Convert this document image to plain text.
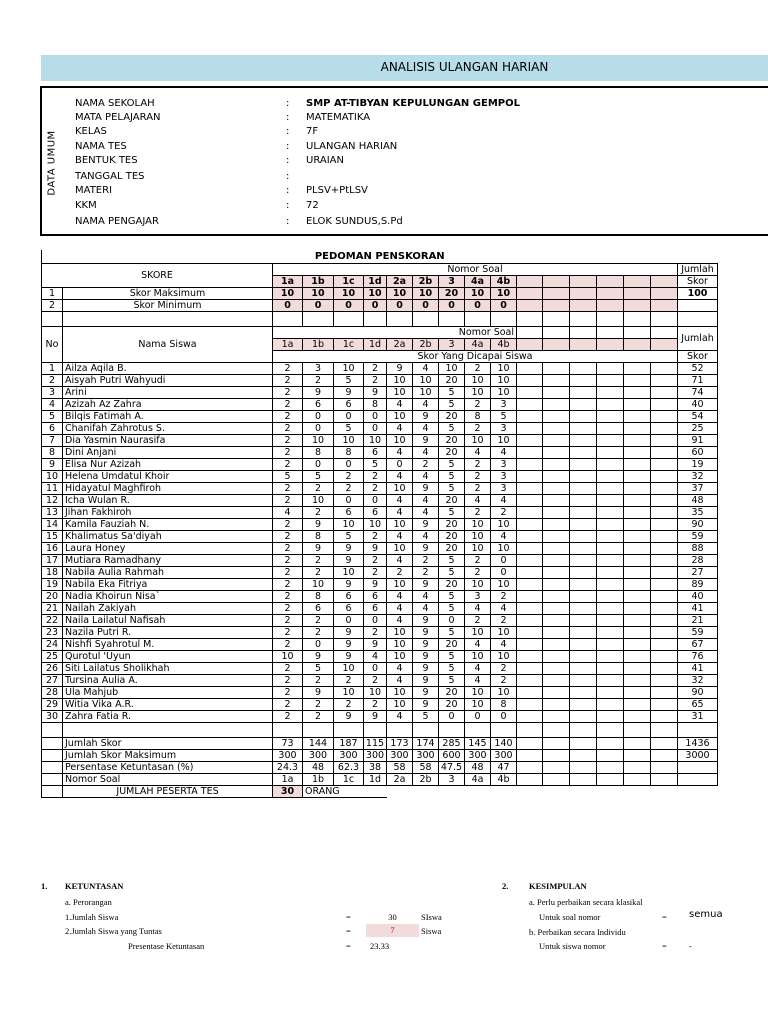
ANALISIS ULANGAN HARIAN
DATA UMUM
NAMA SEKOLAH	: SMP AT-TIBYAN KEPULUNGAN GEMPOL
MATA PELAJARAN	: MATEMATIKA
KELAS	: 7F
NAMA TES	: ULANGAN HARIAN
BENTUK TES	: URAIAN
TANGGAL TES	:
MATERI	: PLSV+PtLSV
KKM	: 72
NAMA PENGAJAR	: ELOK SUNDUS,S.Pd
PEDOMAN PENSKORAN																	
SKORE		Nomor Soal															Jumlah
		1a	1b	1c	1d	2a	2b	3	4a	4b							Skor
1	Skor Maksimum	10	10	10	10	10	10	20	10	10							100
2	Skor Minimum	0	0	0	0	0	0	0	0	0							

No	Nama Siswa	Nomor Soal															Jumlah
		1a	1b	1c	1d	2a	2b	3	4a	4b							
		Skor Yang Dicapai Siswa															Skor
1	Ailza Aqila B.	2	3	10	2	9	4	10	2	10							52
2	Aisyah Putri Wahyudi	2	2	5	2	10	10	20	10	10							71
3	Arini	2	9	9	9	10	10	5	10	10							74
4	Azizah Az Zahra	2	6	6	8	4	4	5	2	3							40
5	Bilqis Fatimah A.	2	0	0	0	10	9	20	8	5							54
6	Chanifah Zahrotus S.	2	0	5	0	4	4	5	2	3							25
7	Dia Yasmin Naurasifa	2	10	10	10	10	9	20	10	10							91
8	Dini Anjani	2	8	8	6	4	4	20	4	4							60
9	Elisa Nur Azizah	2	0	0	5	0	2	5	2	3							19
10	Helena Umdatul Khoir	5	5	2	2	4	4	5	2	3							32
11	Hidayatul Maghfiroh	2	2	2	2	10	9	5	2	3							37
12	Icha Wulan R.	2	10	0	0	4	4	20	4	4							48
13	Jihan Fakhiroh	4	2	6	6	4	4	5	2	2							35
14	Kamila Fauziah N.	2	9	10	10	10	9	20	10	10							90
15	Khalimatus Sa'diyah	2	8	5	2	4	4	20	10	4							59
16	Laura Honey	2	9	9	9	10	9	20	10	10							88
17	Mutiara Ramadhany	2	2	9	2	4	2	5	2	0							28
18	Nabila Aulia Rahmah	2	2	10	2	2	2	5	2	0							27
19	Nabila Eka Fitriya	2	10	9	9	10	9	20	10	10							89
20	Nadia Khoirun Nisa`	2	8	6	6	4	4	5	3	2							40
21	Nailah Zakiyah	2	6	6	6	4	4	5	4	4							41
22	Naila Lailatul Nafisah	2	2	0	0	4	9	0	2	2							21
23	Nazila Putri R.	2	2	9	2	10	9	5	10	10							59
24	Nishfi Syahrotul M.	2	0	9	9	10	9	20	4	4							67
25	Qurotul 'Uyun	10	9	9	4	10	9	5	10	10							76
26	Siti Lailatus Sholikhah	2	5	10	0	4	9	5	4	2							41
27	Tursina Aulia A.	2	2	2	2	4	9	5	4	2							32
28	Ula Mahjub	2	9	10	10	10	9	20	10	10							90
29	Witia Vika A.R.	2	2	2	2	10	9	20	10	8							65
30	Zahra Fatia R.	2	2	9	9	4	5	0	0	0							31

	Jumlah Skor	73	144	187	115	173	174	285	145	140							1436
	Jumlah Skor Maksimum	300	300	300	300	300	300	600	300	300							3000
	Persentase Ketuntasan (%)	24.3	48	62.3	38	58	58	47.5	48	47							
	Nomor Soal	1a	1b	1c	1d	2a	2b	3	4a	4b							
	JUMLAH PESERTA TES	30	ORANG														
1. KETUNTASAN
a. Perorangan
1.Jumlah Siswa	=	30	SIswa
2.Jumlah Siswa yang Tuntas	=	7	Siswa
Presentase Ketuntasan	= 23.33
2. KESIMPULAN
a. Perlu perbaikan secara klasikal
Untuk soal nomor	= semua
b. Perbaikan secara Individu
Untuk siswa nomor	=	-
